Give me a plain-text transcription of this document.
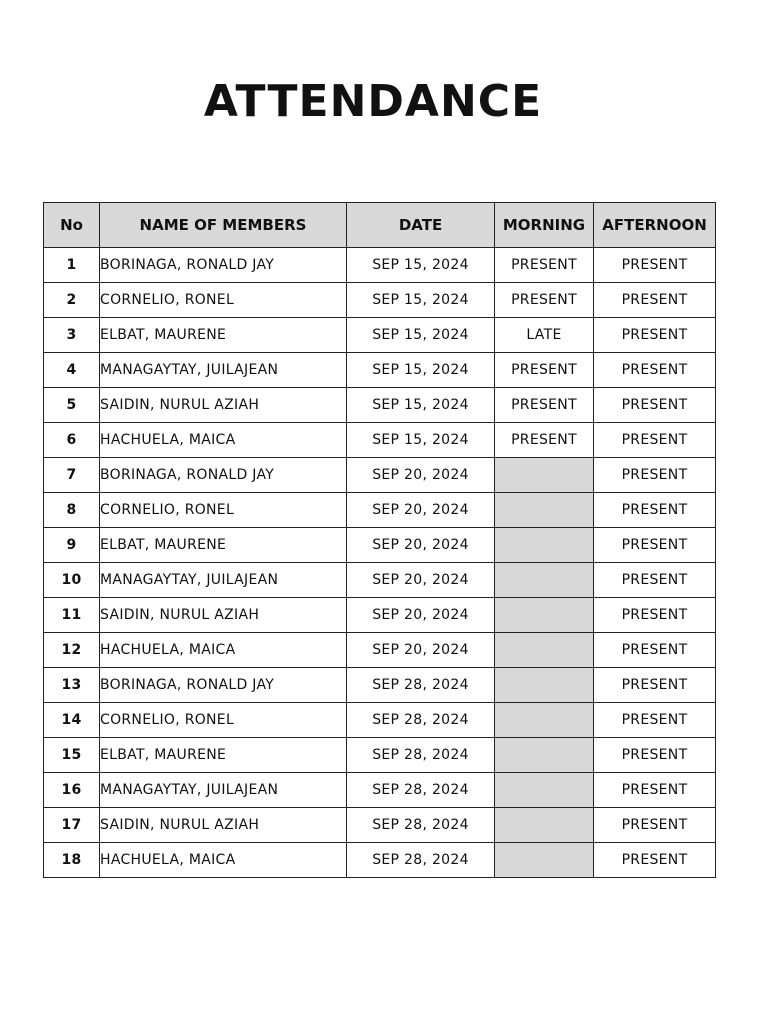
ATTENDANCE
No	NAME OF MEMBERS	DATE	MORNING	AFTERNOON
1	BORINAGA, RONALD JAY	SEP 15, 2024	PRESENT	PRESENT
2	CORNELIO, RONEL	SEP 15, 2024	PRESENT	PRESENT
3	ELBAT, MAURENE	SEP 15, 2024	LATE	PRESENT
4	MANAGAYTAY, JUILAJEAN	SEP 15, 2024	PRESENT	PRESENT
5	SAIDIN, NURUL AZIAH	SEP 15, 2024	PRESENT	PRESENT
6	HACHUELA, MAICA	SEP 15, 2024	PRESENT	PRESENT
7	BORINAGA, RONALD JAY	SEP 20, 2024		PRESENT
8	CORNELIO, RONEL	SEP 20, 2024		PRESENT
9	ELBAT, MAURENE	SEP 20, 2024		PRESENT
10	MANAGAYTAY, JUILAJEAN	SEP 20, 2024		PRESENT
11	SAIDIN, NURUL AZIAH	SEP 20, 2024		PRESENT
12	HACHUELA, MAICA	SEP 20, 2024		PRESENT
13	BORINAGA, RONALD JAY	SEP 28, 2024		PRESENT
14	CORNELIO, RONEL	SEP 28, 2024		PRESENT
15	ELBAT, MAURENE	SEP 28, 2024		PRESENT
16	MANAGAYTAY, JUILAJEAN	SEP 28, 2024		PRESENT
17	SAIDIN, NURUL AZIAH	SEP 28, 2024		PRESENT
18	HACHUELA, MAICA	SEP 28, 2024		PRESENT
